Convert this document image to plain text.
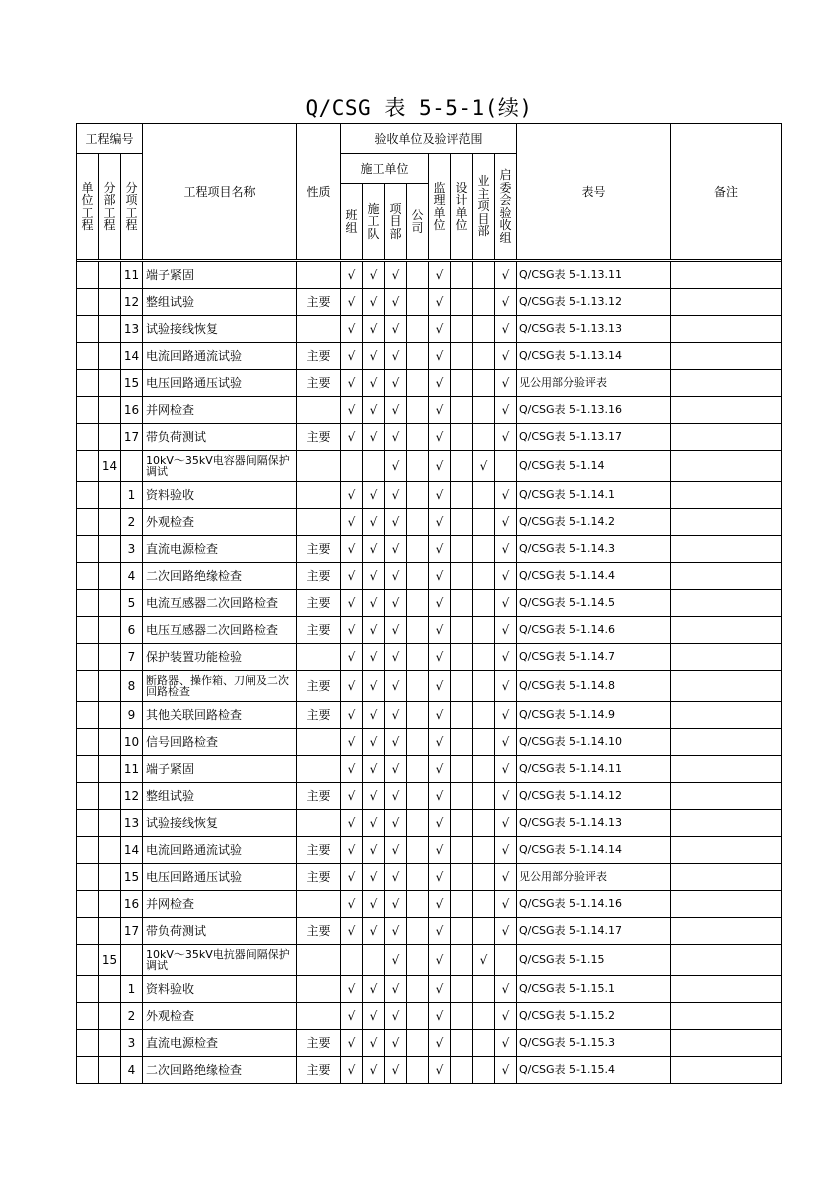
Q/CSG 表 5-5-1(续)
工程编号			工程项目名称	性质	验收单位及验评范围								表号	备注
单位工程	分部工程	分项工程			施工单位				监理单位	设计单位	业主项目部	启委会验收组		
					班组	施工队	项目部	公司						

		11	端子紧固		√	√	√		√			√	Q/CSG表 5-1.13.11	
		12	整组试验	主要	√	√	√		√			√	Q/CSG表 5-1.13.12	
		13	试验接线恢复		√	√	√		√			√	Q/CSG表 5-1.13.13	
		14	电流回路通流试验	主要	√	√	√		√			√	Q/CSG表 5-1.13.14	
		15	电压回路通压试验	主要	√	√	√		√			√	见公用部分验评表	
		16	并网检查		√	√	√		√			√	Q/CSG表 5-1.13.16	
		17	带负荷测试	主要	√	√	√		√			√	Q/CSG表 5-1.13.17	
	14		10kV～35kV电容器间隔保护调试				√		√		√		Q/CSG表 5-1.14	
		1	资料验收		√	√	√		√			√	Q/CSG表 5-1.14.1	
		2	外观检查		√	√	√		√			√	Q/CSG表 5-1.14.2	
		3	直流电源检查	主要	√	√	√		√			√	Q/CSG表 5-1.14.3	
		4	二次回路绝缘检查	主要	√	√	√		√			√	Q/CSG表 5-1.14.4	
		5	电流互感器二次回路检查	主要	√	√	√		√			√	Q/CSG表 5-1.14.5	
		6	电压互感器二次回路检查	主要	√	√	√		√			√	Q/CSG表 5-1.14.6	
		7	保护装置功能检验		√	√	√		√			√	Q/CSG表 5-1.14.7	
		8	断路器、操作箱、刀闸及二次回路检查	主要	√	√	√		√			√	Q/CSG表 5-1.14.8	
		9	其他关联回路检查	主要	√	√	√		√			√	Q/CSG表 5-1.14.9	
		10	信号回路检查		√	√	√		√			√	Q/CSG表 5-1.14.10	
		11	端子紧固		√	√	√		√			√	Q/CSG表 5-1.14.11	
		12	整组试验	主要	√	√	√		√			√	Q/CSG表 5-1.14.12	
		13	试验接线恢复		√	√	√		√			√	Q/CSG表 5-1.14.13	
		14	电流回路通流试验	主要	√	√	√		√			√	Q/CSG表 5-1.14.14	
		15	电压回路通压试验	主要	√	√	√		√			√	见公用部分验评表	
		16	并网检查		√	√	√		√			√	Q/CSG表 5-1.14.16	
		17	带负荷测试	主要	√	√	√		√			√	Q/CSG表 5-1.14.17	
	15		10kV～35kV电抗器间隔保护调试				√		√		√		Q/CSG表 5-1.15	
		1	资料验收		√	√	√		√			√	Q/CSG表 5-1.15.1	
		2	外观检查		√	√	√		√			√	Q/CSG表 5-1.15.2	
		3	直流电源检查	主要	√	√	√		√			√	Q/CSG表 5-1.15.3	
		4	二次回路绝缘检查	主要	√	√	√		√			√	Q/CSG表 5-1.15.4	
